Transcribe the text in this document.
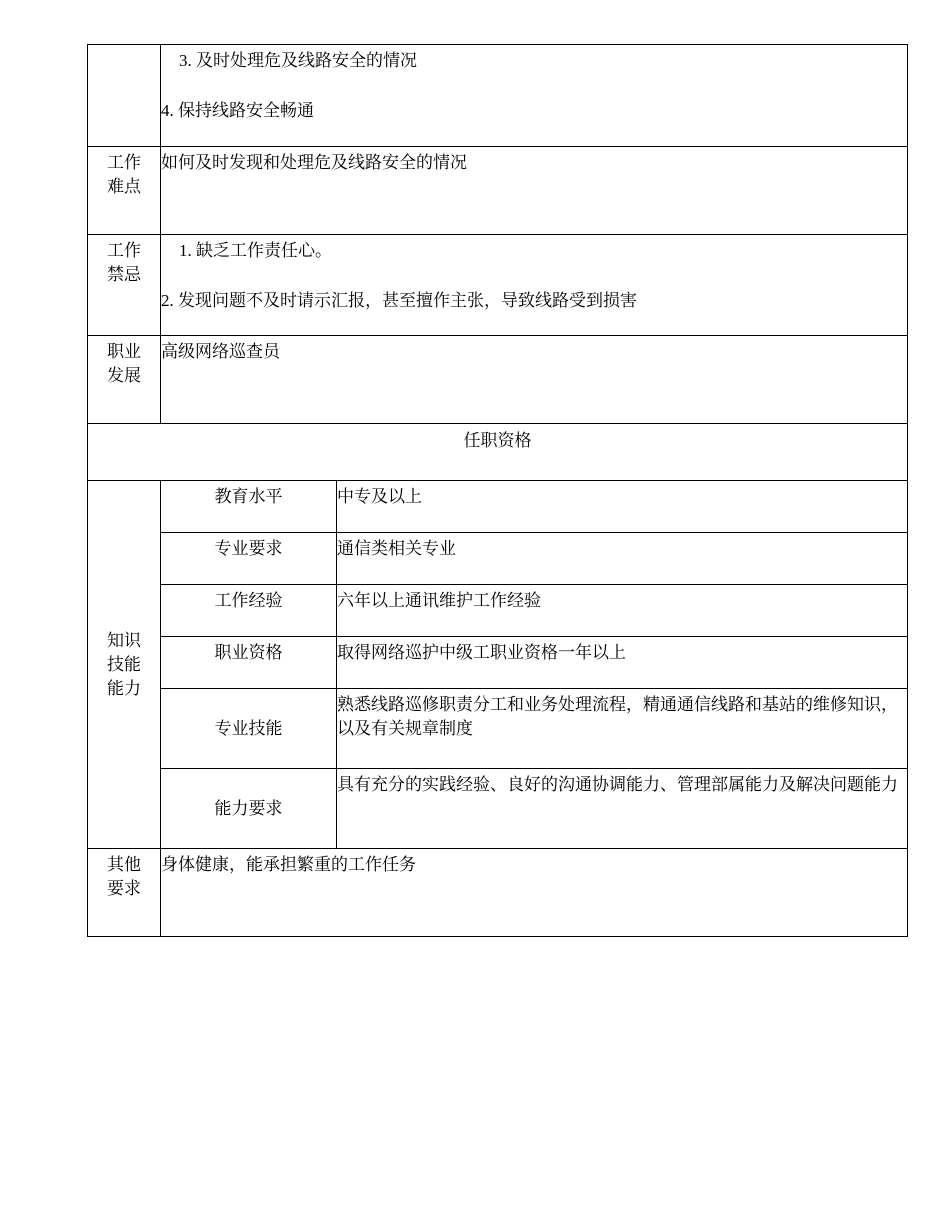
	3. 及时处理危及线路安全的情况
4. 保持线路安全畅通	

工作
难点	如何及时发现和处理危及线路安全的情况	

工作
禁忌	1. 缺乏工作责任心。
2. 发现问题不及时请示汇报，甚至擅作主张，导致线路受到损害	

职业
发展	高级网络巡查员	

任职资格		

知识
技能
能力	教育水平	中专及以上
	专业要求	通信类相关专业
	工作经验	六年以上通讯维护工作经验
	职业资格	取得网络巡护中级工职业资格一年以上
	专业技能	熟悉线路巡修职责分工和业务处理流程，精通通信线路和基站的维修知识，以及有关规章制度
	能力要求	具有充分的实践经验、良好的沟通协调能力、管理部属能力及解决问题能力

其他
要求	身体健康，能承担繁重的工作任务	
